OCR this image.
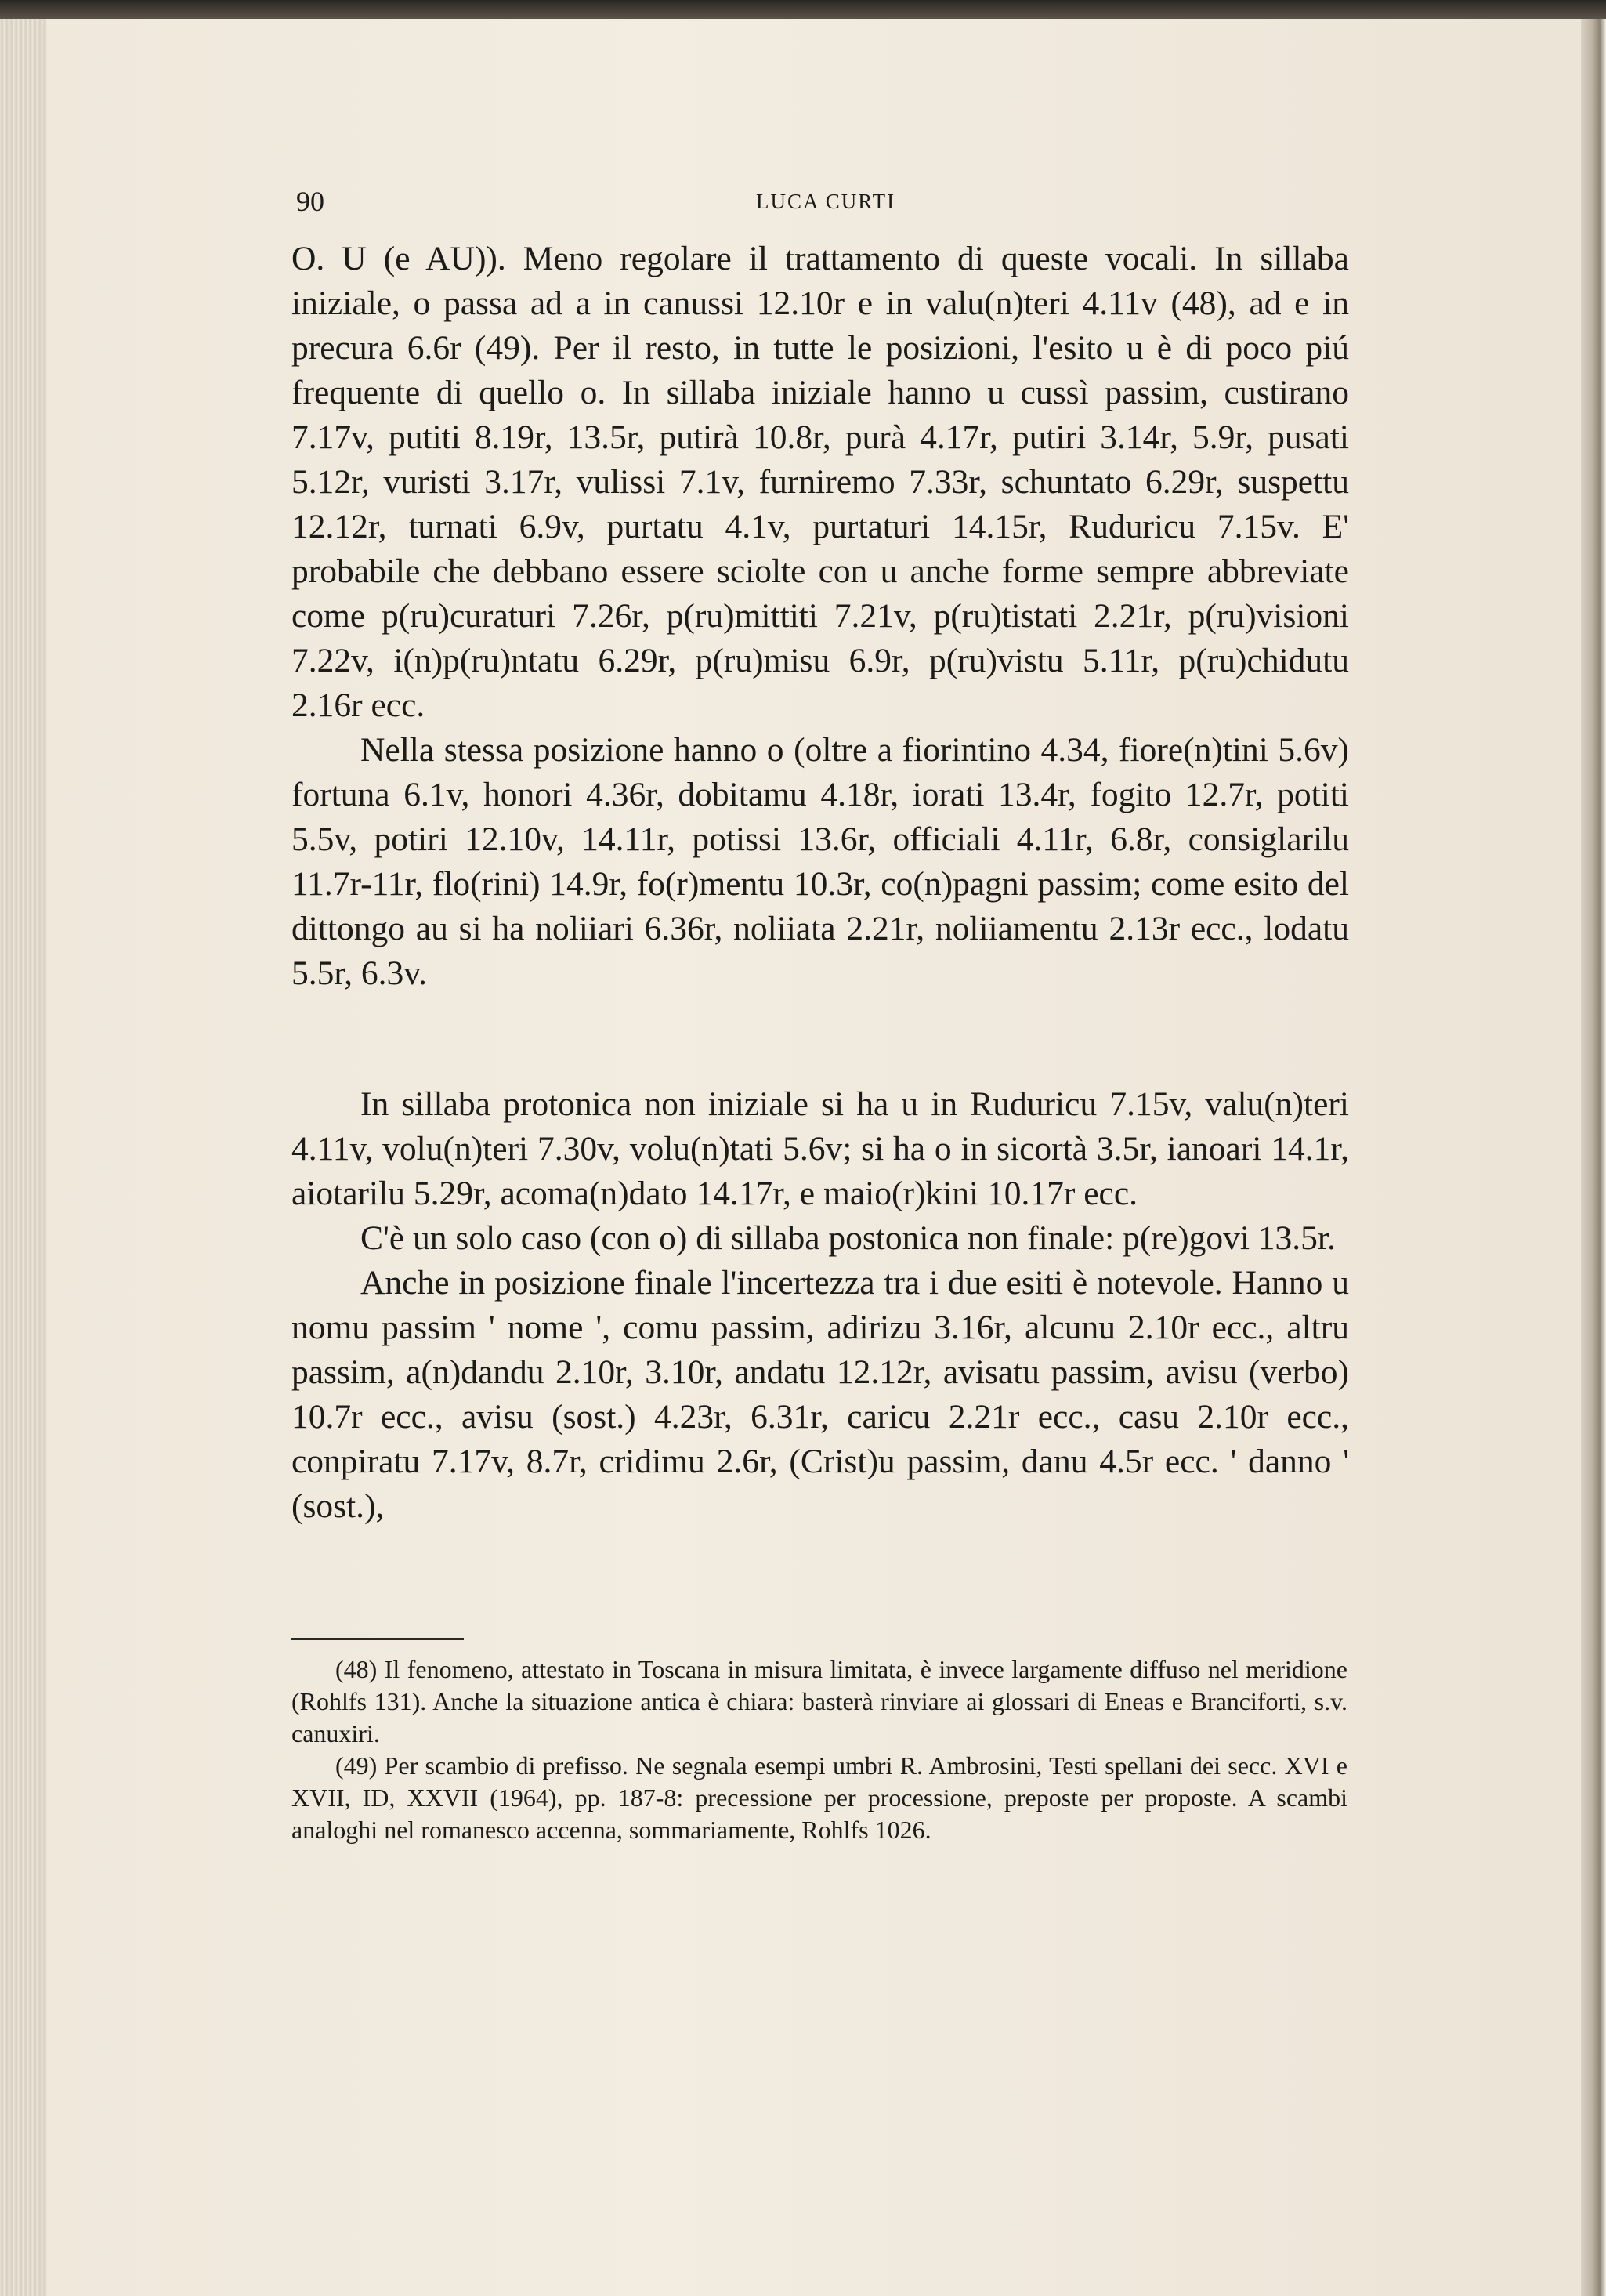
90	LUCA CURTI

O. U (e AU)). Meno regolare il trattamento di queste vocali. In sillaba iniziale, o passa ad a in canussi 12.10r e in valu(n)teri 4.11v (48), ad e in precura 6.6r (49). Per il resto, in tutte le posizioni, l'esito u è di poco piú frequente di quello o. In sillaba iniziale hanno u cussì passim, custirano 7.17v, putiti 8.19r, 13.5r, putirà 10.8r, purà 4.17r, putiri 3.14r, 5.9r, pusati 5.12r, vuristi 3.17r, vulissi 7.1v, furniremo 7.33r, schuntato 6.29r, suspettu 12.12r, turnati 6.9v, purtatu 4.1v, purtaturi 14.15r, Ruduricu 7.15v. E' probabile che debbano essere sciolte con u anche forme sempre abbreviate come p(ru)curaturi 7.26r, p(ru)mittiti 7.21v, p(ru)tistati 2.21r, p(ru)visioni 7.22v, i(n)p(ru)ntatu 6.29r, p(ru)misu 6.9r, p(ru)vistu 5.11r, p(ru)chidutu 2.16r ecc.

Nella stessa posizione hanno o (oltre a fiorintino 4.34, fiore(n)tini 5.6v) fortuna 6.1v, honori 4.36r, dobitamu 4.18r, iorati 13.4r, fogito 12.7r, potiti 5.5v, potiri 12.10v, 14.11r, potissi 13.6r, officiali 4.11r, 6.8r, consiglarilu 11.7r-11r, flo(rini) 14.9r, fo(r)mentu 10.3r, co(n)pagni passim; come esito del dittongo au si ha noliiari 6.36r, noliiata 2.21r, noliiamentu 2.13r ecc., lodatu 5.5r, 6.3v.

In sillaba protonica non iniziale si ha u in Ruduricu 7.15v, valu(n)teri 4.11v, volu(n)teri 7.30v, volu(n)tati 5.6v; si ha o in sicortà 3.5r, ianoari 14.1r, aiotarilu 5.29r, acoma(n)dato 14.17r, e maio(r)kini 10.17r ecc.

C'è un solo caso (con o) di sillaba postonica non finale: p(re)govi 13.5r.

Anche in posizione finale l'incertezza tra i due esiti è notevole. Hanno u nomu passim ' nome ', comu passim, adirizu 3.16r, alcunu 2.10r ecc., altru passim, a(n)dandu 2.10r, 3.10r, andatu 12.12r, avisatu passim, avisu (verbo) 10.7r ecc., avisu (sost.) 4.23r, 6.31r, caricu 2.21r ecc., casu 2.10r ecc., conpiratu 7.17v, 8.7r, cridimu 2.6r, (Crist)u passim, danu 4.5r ecc. ' danno ' (sost.),

(48) Il fenomeno, attestato in Toscana in misura limitata, è invece largamente diffuso nel meridione (Rohlfs 131). Anche la situazione antica è chiara: basterà rinviare ai glossari di Eneas e Branciforti, s.v. canuxiri.

(49) Per scambio di prefisso. Ne segnala esempi umbri R. Ambrosini, Testi spellani dei secc. XVI e XVII, ID, XXVII (1964), pp. 187-8: precessione per processione, preposte per proposte. A scambi analoghi nel romanesco accenna, sommariamente, Rohlfs 1026.
